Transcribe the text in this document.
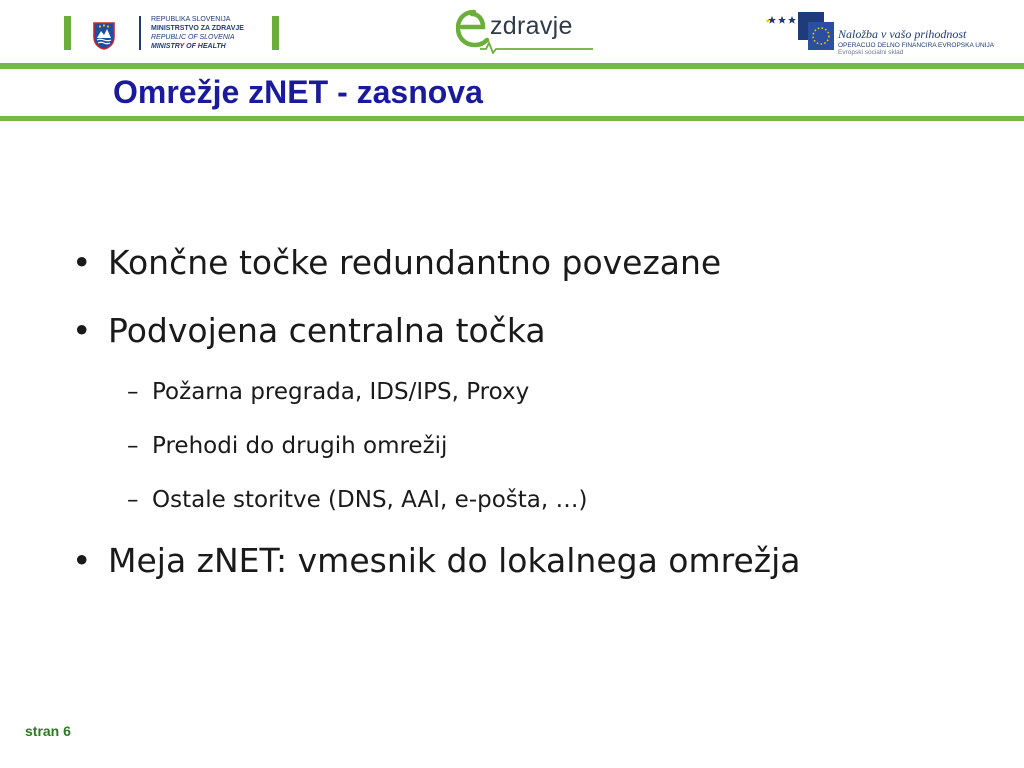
REPUBLIKA SLOVENIJA
MINISTRSTVO ZA ZDRAVJE
REPUBLIC OF SLOVENIA
MINISTRY OF HEALTH
zdravje	Naložba v vašo prihodnost
OPERACIJO DELNO FINANCIRA EVROPSKA UNIJA
Evropski socialni sklad
Omrežje zNET - zasnova
• Končne točke redundantno povezane
• Podvojena centralna točka
– Požarna pregrada, IDS/IPS, Proxy
– Prehodi do drugih omrežij
– Ostale storitve (DNS, AAI, e-pošta, …)
• Meja zNET: vmesnik do lokalnega omrežja
stran 6
